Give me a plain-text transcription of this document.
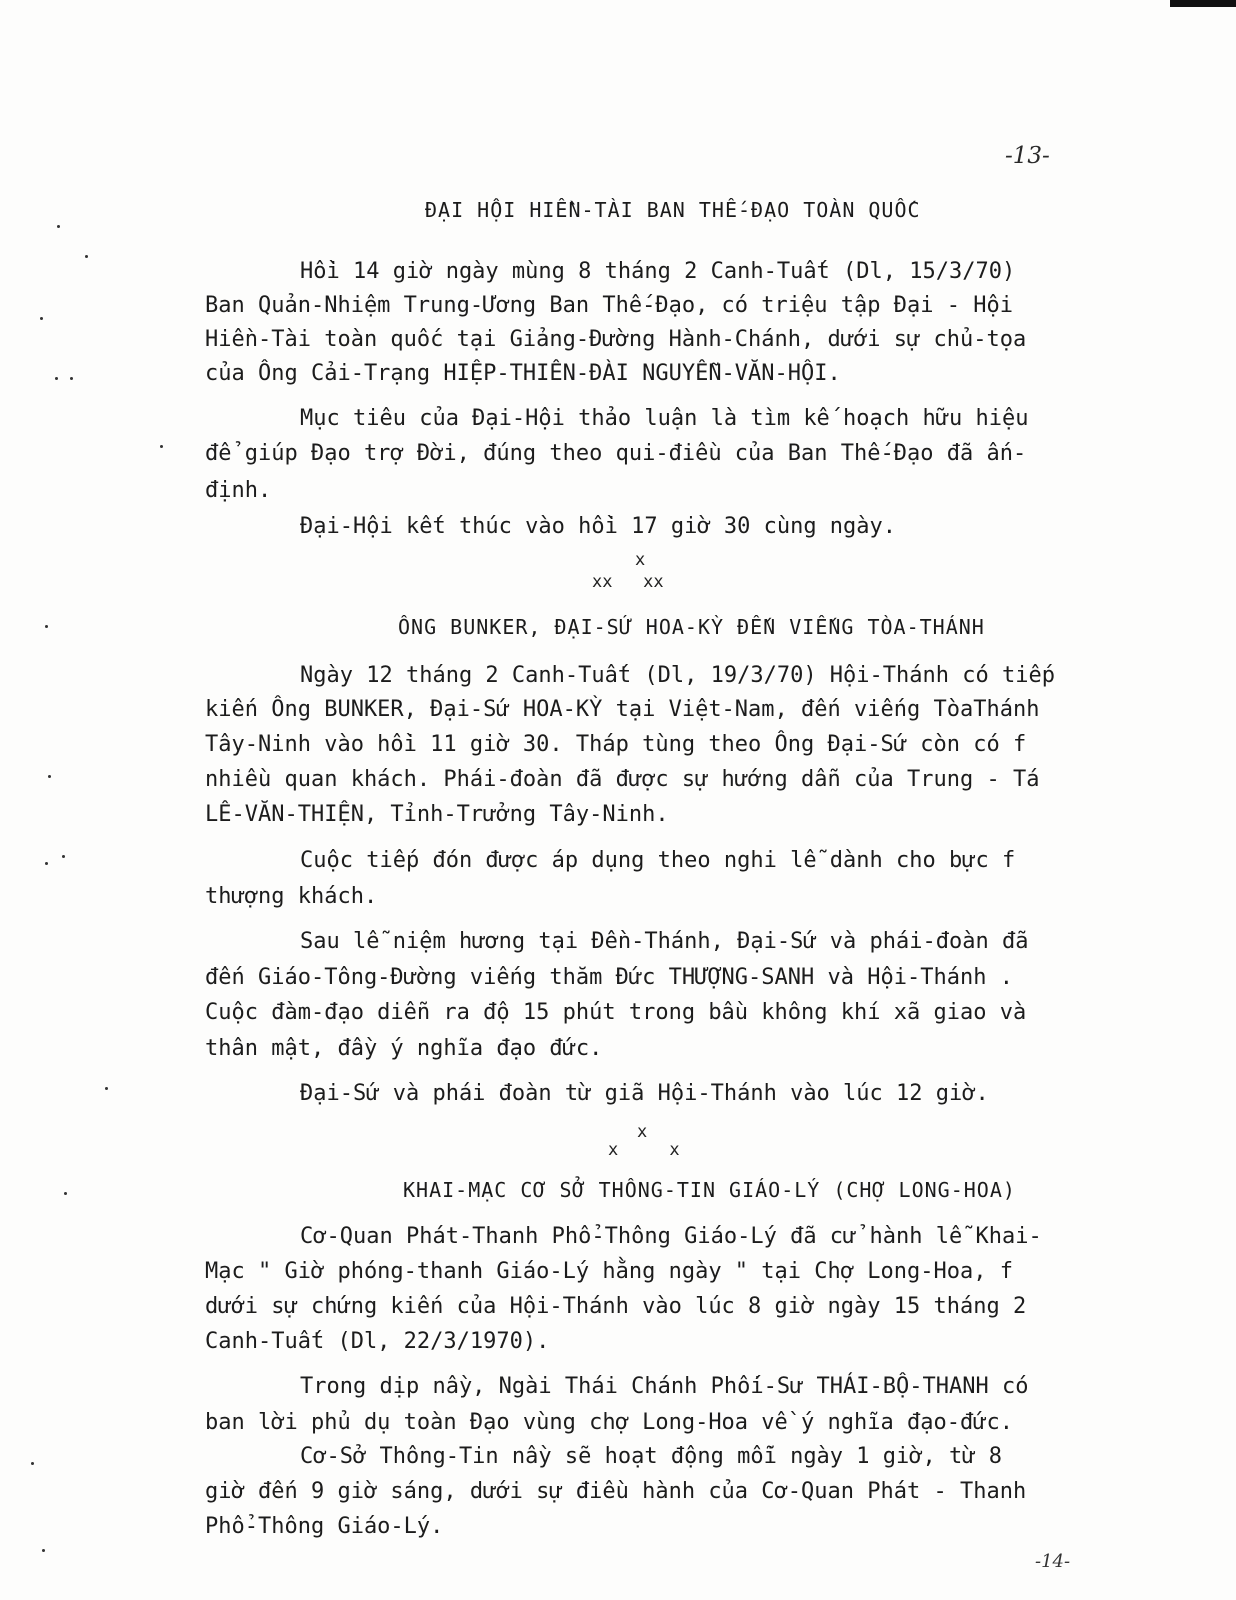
-13-
ĐẠI HỘI HIỀN-TÀI BAN THẾ-ĐẠO TOÀN QUỐC
Hồi 14 giờ ngày mùng 8 tháng 2 Canh-Tuất (Dl, 15/3/70)
Ban Quản-Nhiệm Trung-Ương Ban Thế-Đạo, có triệu tập Đại - Hội
Hiền-Tài toàn quốc tại Giảng-Đường Hành-Chánh, dưới sự chủ-tọa
của Ông Cải-Trạng HIỆP-THIÊN-ĐÀI NGUYỄN-VĂN-HỘI.
Mục tiêu của Đại-Hội thảo luận là tìm kế hoạch hữu hiệu
để giúp Đạo trợ Đời, đúng theo qui-điều của Ban Thế-Đạo đã ấn-
định.
Đại-Hội kết thúc vào hồi 17 giờ 30 cùng ngày.
x
xx   xx
ÔNG BUNKER, ĐẠI-SỨ HOA-KỲ ĐẾN VIẾNG TÒA-THÁNH
Ngày 12 tháng 2 Canh-Tuất (Dl, 19/3/70) Hội-Thánh có tiếp
kiến Ông BUNKER, Đại-Sứ HOA-KỲ tại Việt-Nam, đến viếng TòaThánh
Tây-Ninh vào hồi 11 giờ 30. Tháp tùng theo Ông Đại-Sứ còn có f
nhiều quan khách. Phái-đoàn đã được sự hướng dẫn của Trung - Tá
LÊ-VĂN-THIỆN, Tỉnh-Trưởng Tây-Ninh.
Cuộc tiếp đón được áp dụng theo nghi lễ dành cho bực f
thượng khách.
Sau lễ niệm hương tại Đền-Thánh, Đại-Sứ và phái-đoàn đã
đến Giáo-Tông-Đường viếng thăm Đức THƯỢNG-SANH và Hội-Thánh .
Cuộc đàm-đạo diễn ra độ 15 phút trong bầu không khí xã giao và
thân mật, đầy ý nghĩa đạo đức.
Đại-Sứ và phái đoàn từ giã Hội-Thánh vào lúc 12 giờ.
x
x     x
KHAI-MẠC CƠ SỞ THÔNG-TIN GIÁO-LÝ (CHỢ LONG-HOA)
Cơ-Quan Phát-Thanh Phổ-Thông Giáo-Lý đã cử hành lễ Khai-
Mạc " Giờ phóng-thanh Giáo-Lý hằng ngày " tại Chợ Long-Hoa, f
dưới sự chứng kiến của Hội-Thánh vào lúc 8 giờ ngày 15 tháng 2
Canh-Tuất (Dl, 22/3/1970).
Trong dịp nầy, Ngài Thái Chánh Phối-Sư THÁI-BỘ-THANH có
ban lời phủ dụ toàn Đạo vùng chợ Long-Hoa về ý nghĩa đạo-đức.
Cơ-Sở Thông-Tin nầy sẽ hoạt động mỗi ngày 1 giờ, từ 8
giờ đến 9 giờ sáng, dưới sự điều hành của Cơ-Quan Phát - Thanh
Phổ-Thông Giáo-Lý.
-14-
